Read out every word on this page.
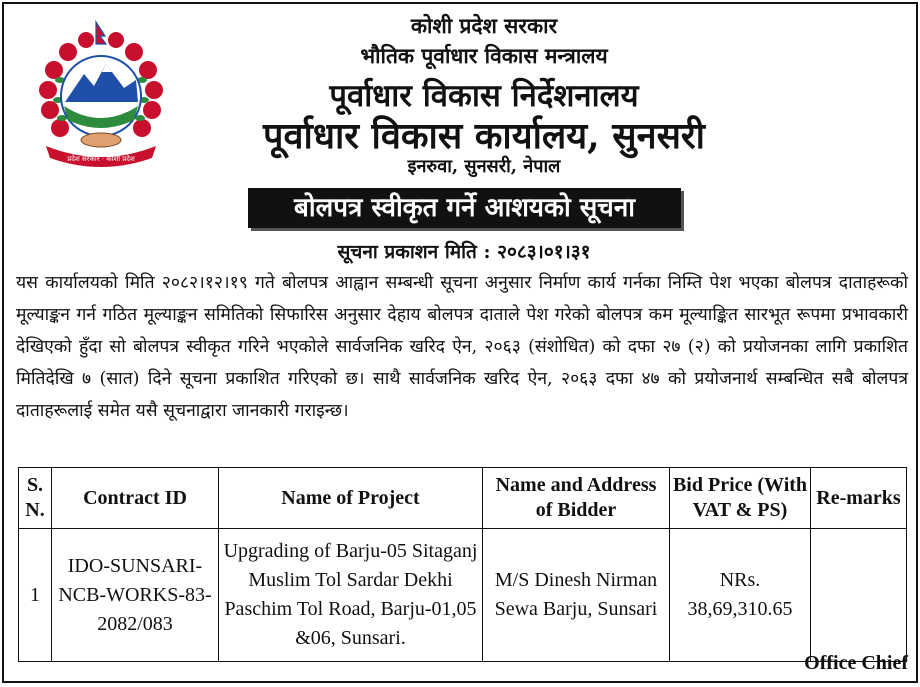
प्रदेश सरकार · कोशी प्रदेश
कोशी प्रदेश सरकार
भौतिक पूर्वाधार विकास मन्त्रालय
पूर्वाधार विकास निर्देशनालय
पूर्वाधार विकास कार्यालय, सुनसरी
इनरुवा, सुनसरी, नेपाल
बोलपत्र स्वीकृत गर्ने आशयको सूचना
सूचना प्रकाशन मिति : २०८३।०१।३१

यस कार्यालयको मिति २०८२।१२।१९ गते बोलपत्र आह्वान सम्बन्धी सूचना अनुसार निर्माण कार्य गर्नका निम्ति पेश भएका बोलपत्र दाताहरूको मूल्याङ्कन गर्न गठित मूल्याङ्कन समितिको सिफारिस अनुसार देहाय बोलपत्र दाताले पेश गरेको बोलपत्र कम मूल्याङ्कित सारभूत रूपमा प्रभावकारी देखिएको हुँदा सो बोलपत्र स्वीकृत गरिने भएकोले सार्वजनिक खरिद ऐन, २०६३ (संशोधित) को दफा २७ (२) को प्रयोजनका लागि प्रकाशित मितिदेखि ७ (सात) दिने सूचना प्रकाशित गरिएको छ। साथै सार्वजनिक खरिद ऐन, २०६३ दफा ४७ को प्रयोजनार्थ सम्बन्धित सबै बोलपत्र दाताहरूलाई समेत यसै सूचनाद्वारा जानकारी गराइन्छ।

S. N.	Contract ID	Name of Project	Name and Address of Bidder	Bid Price (With VAT & PS)	Re-marks
1	IDO-SUNSARI-NCB-WORKS-83-2082/083	Upgrading of Barju-05 Sitaganj Muslim Tol Sardar Dekhi Paschim Tol Road, Barju-01,05 &06, Sunsari.	M/S Dinesh Nirman Sewa Barju, Sunsari	NRs. 38,69,310.65	
Office Chief
